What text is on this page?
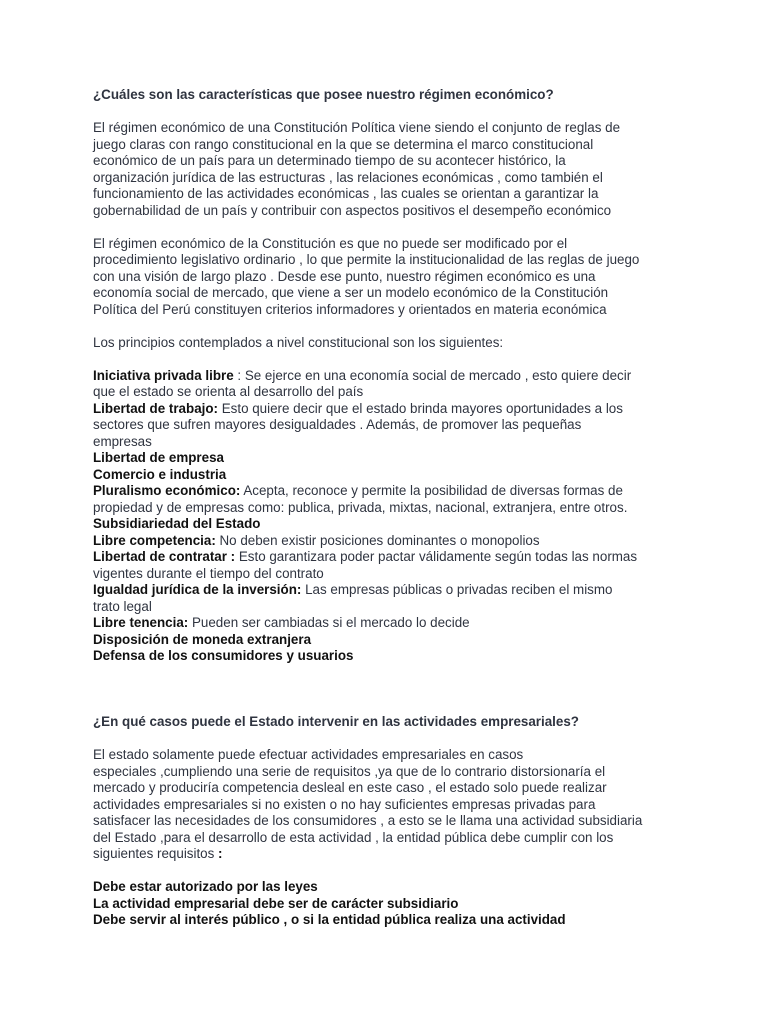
¿Cuáles son las características que posee nuestro régimen económico?
El régimen económico de una Constitución Política viene siendo el conjunto de reglas de
juego claras con rango constitucional en la que se determina el marco constitucional
económico de un país para un determinado tiempo de su acontecer histórico, la
organización jurídica de las estructuras , las relaciones económicas , como también el
funcionamiento de las actividades económicas , las cuales se orientan a garantizar la
gobernabilidad de un país y contribuir con aspectos positivos el desempeño económico
El régimen económico de la Constitución es que no puede ser modificado por el
procedimiento legislativo ordinario , lo que permite la institucionalidad de las reglas de juego
con una visión de largo plazo . Desde ese punto, nuestro régimen económico es una
economía social de mercado, que viene a ser un modelo económico de la Constitución
Política del Perú constituyen criterios informadores y orientados en materia económica
Los principios contemplados a nivel constitucional son los siguientes:
Iniciativa privada libre : Se ejerce en una economía social de mercado , esto quiere decir
que el estado se orienta al desarrollo del país
Libertad de trabajo: Esto quiere decir que el estado brinda mayores oportunidades a los
sectores que sufren mayores desigualdades . Además, de promover las pequeñas
empresas
Libertad de empresa
Comercio e industria
Pluralismo económico: Acepta, reconoce y permite la posibilidad de diversas formas de
propiedad y de empresas como: publica, privada, mixtas, nacional, extranjera, entre otros.
Subsidiariedad del Estado
Libre competencia: No deben existir posiciones dominantes o monopolios
Libertad de contratar : Esto garantizara poder pactar válidamente según todas las normas
vigentes durante el tiempo del contrato
Igualdad jurídica de la inversión: Las empresas públicas o privadas reciben el mismo
trato legal
Libre tenencia: Pueden ser cambiadas si el mercado lo decide
Disposición de moneda extranjera
Defensa de los consumidores y usuarios
¿En qué casos puede el Estado intervenir en las actividades empresariales?
El estado solamente puede efectuar actividades empresariales en casos
especiales ,cumpliendo una serie de requisitos ,ya que de lo contrario distorsionaría el
mercado y produciría competencia desleal en este caso , el estado solo puede realizar
actividades empresariales si no existen o no hay suficientes empresas privadas para
satisfacer las necesidades de los consumidores , a esto se le llama una actividad subsidiaria
del Estado ,para el desarrollo de esta actividad , la entidad pública debe cumplir con los
siguientes requisitos :
Debe estar autorizado por las leyes
La actividad empresarial debe ser de carácter subsidiario
Debe servir al interés público , o si la entidad pública realiza una actividad
